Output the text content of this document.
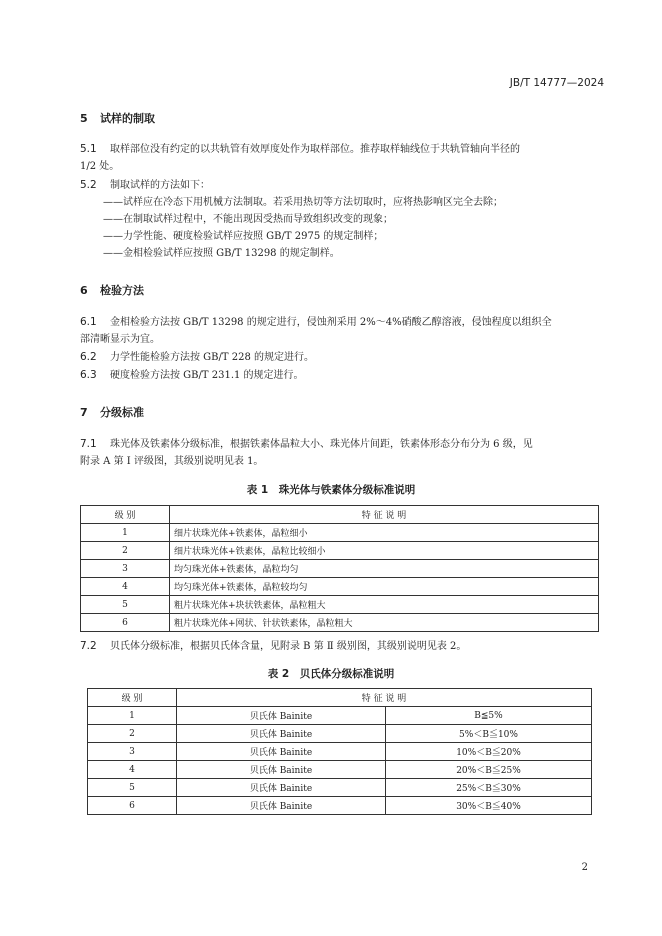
JB/T 14777—2024
5 试样的制取
5.1 取样部位没有约定的以共轨管有效厚度处作为取样部位。推荐取样轴线位于共轨管轴向半径的
1/2 处。
5.2 制取试样的方法如下：
——试样应在冷态下用机械方法制取。若采用热切等方法切取时，应将热影响区完全去除；
——在制取试样过程中，不能出现因受热而导致组织改变的现象；
——力学性能、硬度检验试样应按照 GB/T 2975 的规定制样；
——金相检验试样应按照 GB/T 13298 的规定制样。
6 检验方法
6.1 金相检验方法按 GB/T 13298 的规定进行，侵蚀剂采用 2%～4%硝酸乙醇溶液，侵蚀程度以组织全
部清晰显示为宜。
6.2 力学性能检验方法按 GB/T 228 的规定进行。
6.3 硬度检验方法按 GB/T 231.1 的规定进行。
7 分级标准
7.1 珠光体及铁素体分级标准，根据铁素体晶粒大小、珠光体片间距，铁素体形态分布分为 6 级，见
附录 A 第 Ⅰ 评级图，其级别说明见表 1。
表 1　珠光体与铁素体分级标准说明
级 别	特 征 说 明
1	细片状珠光体+铁素体，晶粒细小
2	细片状珠光体+铁素体，晶粒比较细小
3	均匀珠光体+铁素体，晶粒均匀
4	均匀珠光体+铁素体，晶粒较均匀
5	粗片状珠光体+块状铁素体，晶粒粗大
6	粗片状珠光体+网状、针状铁素体，晶粒粗大
7.2 贝氏体分级标准，根据贝氏体含量，见附录 B 第 Ⅱ 级别图，其级别说明见表 2。
表 2　贝氏体分级标准说明
级 别	特 征 说 明	
1	贝氏体 Bainite	B≦5%
2	贝氏体 Bainite	5%＜B≦10%
3	贝氏体 Bainite	10%＜B≦20%
4	贝氏体 Bainite	20%＜B≦25%
5	贝氏体 Bainite	25%＜B≦30%
6	贝氏体 Bainite	30%＜B≦40%
2
